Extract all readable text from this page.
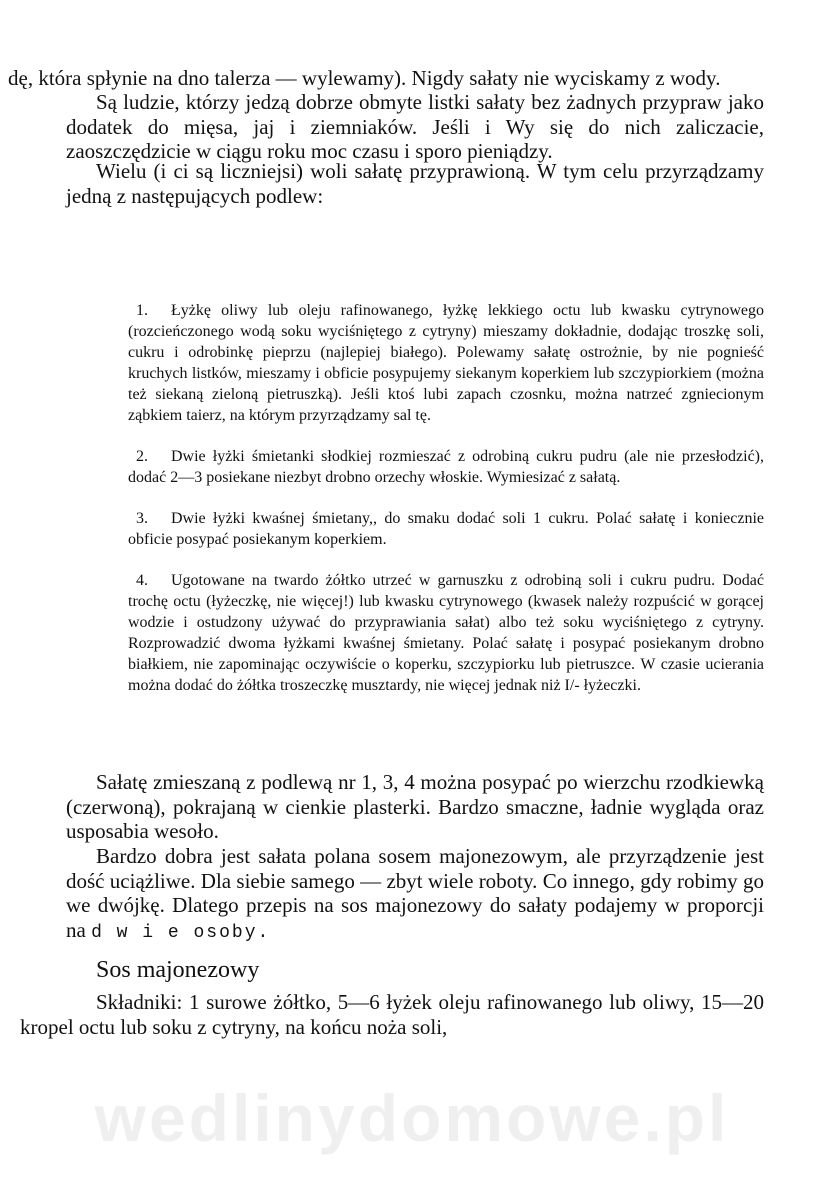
dę, która spłynie na dno talerza — wylewamy). Nigdy sałaty nie wyciskamy z wody.

Są ludzie, którzy jedzą dobrze obmyte listki sałaty bez żadnych przypraw jako dodatek do mięsa, jaj i ziemniaków. Jeśli i Wy się do nich zaliczacie, zaoszczędzicie w ciągu roku moc czasu i sporo pieniądzy.

Wielu (i ci są liczniejsi) woli sałatę przyprawioną. W tym celu przyrządzamy jedną z następujących podlew:

1. Łyżkę oliwy lub oleju rafinowanego, łyżkę lekkiego octu lub kwasku cytrynowego (rozcieńczonego wodą soku wyciśniętego z cytryny) mieszamy dokładnie, dodając troszkę soli, cukru i odrobinkę pieprzu (najlepiej białego). Polewamy sałatę ostrożnie, by nie pognieść kruchych listków, mieszamy i obficie posypujemy siekanym koperkiem lub szczypiorkiem (można też siekaną zieloną pietruszką). Jeśli ktoś lubi zapach czosnku, można natrzeć zgniecionym ząbkiem taierz, na którym przyrządzamy sal tę.
2. Dwie łyżki śmietanki słodkiej rozmieszać z odrobiną cukru pudru (ale nie przesłodzić), dodać 2—3 posiekane niezbyt drobno orzechy włoskie. Wymiesizać z sałatą.
3. Dwie łyżki kwaśnej śmietany,, do smaku dodać soli 1 cukru. Polać sałatę i koniecznie obficie posypać posiekanym koperkiem.
4. Ugotowane na twardo żółtko utrzeć w garnuszku z odrobiną soli i cukru pudru. Dodać trochę octu (łyżeczkę, nie więcej!) lub kwasku cytrynowego (kwasek należy rozpuścić w gorącej wodzie i ostudzony używać do przyprawiania sałat) albo też soku wyciśniętego z cytryny. Rozprowadzić dwoma łyżkami kwaśnej śmietany. Polać sałatę i posypać posiekanym drobno białkiem, nie zapominając oczywiście o koperku, szczypiorku lub pietruszce. W czasie ucierania można dodać do żółtka troszeczkę musztardy, nie więcej jednak niż I/- łyżeczki.

Sałatę zmieszaną z podlewą nr 1, 3, 4 można posypać po wierzchu rzodkiewką (czerwoną), pokrajaną w cienkie plasterki. Bardzo smaczne, ładnie wygląda oraz usposabia wesoło.

Bardzo dobra jest sałata polana sosem majonezowym, ale przyrządzenie jest dość uciążliwe. Dla siebie samego — zbyt wiele roboty. Co innego, gdy robimy go we dwójkę. Dlatego przepis na sos majonezowy do sałaty podajemy w proporcji na d w i e osoby.

Sos majonezowy

Składniki: 1 surowe żółtko, 5—6 łyżek oleju rafinowanego lub oliwy, 15—20 kropel octu lub soku z cytryny, na końcu noża soli,

wedlinydomowe.pl
